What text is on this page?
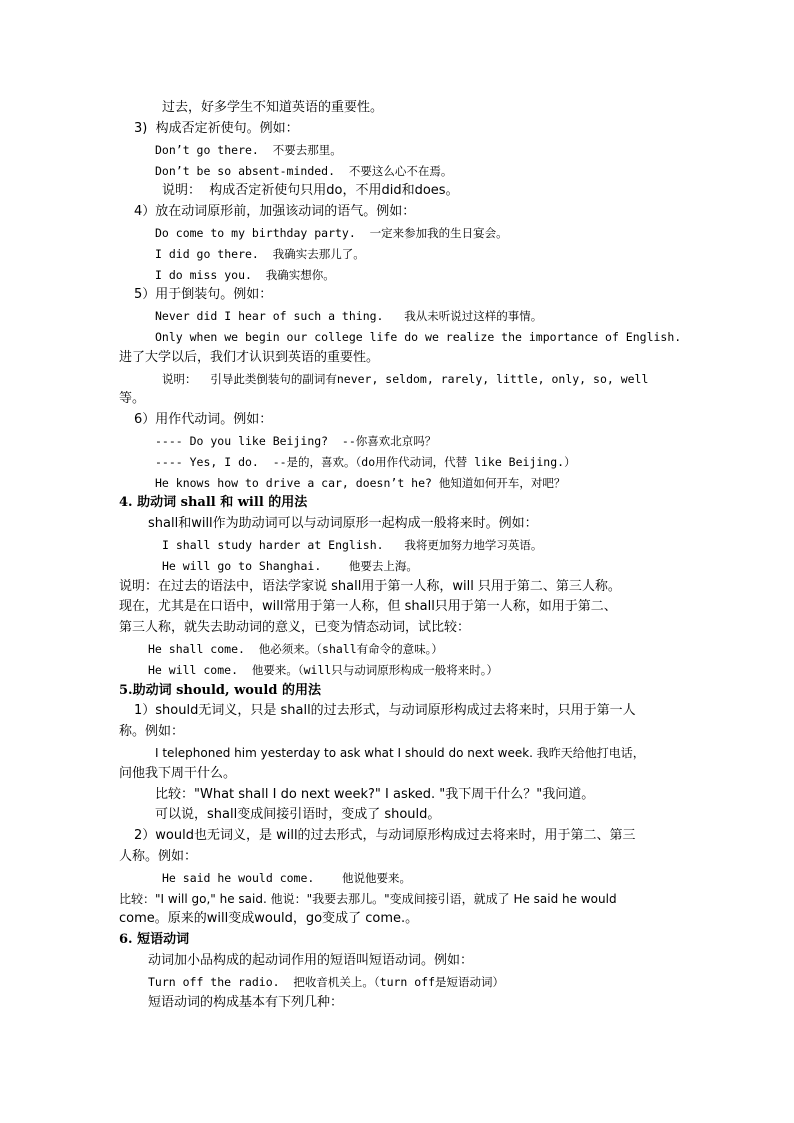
过去，好多学生不知道英语的重要性。
3)  构成否定祈使句。例如：
Don’t go there.  不要去那里。
Don’t be so absent-minded.  不要这么心不在焉。
说明：  构成否定祈使句只用do，不用did和does。
4）放在动词原形前，加强该动词的语气。例如：
Do come to my birthday party.  一定来参加我的生日宴会。
I did go there.  我确实去那儿了。
I do miss you.  我确实想你。
5）用于倒装句。例如：
Never did I hear of such a thing.   我从未听说过这样的事情。
Only when we begin our college life do we realize the importance of English.
进了大学以后，我们才认识到英语的重要性。
说明：  引导此类倒装句的副词有never, seldom, rarely, little, only, so, well
等。
6）用作代动词。例如：
---- Do you like Beijing?  --你喜欢北京吗？
---- Yes, I do.  --是的，喜欢。（do用作代动词，代替 like Beijing.）
He knows how to drive a car, doesn’t he? 他知道如何开车，对吧？
4. 助动词 shall 和 will 的用法
shall和will作为助动词可以与动词原形一起构成一般将来时。例如：
I shall study harder at English.   我将更加努力地学习英语。
He will go to Shanghai.    他要去上海。
说明：在过去的语法中，语法学家说 shall用于第一人称，will 只用于第二、第三人称。
现在，尤其是在口语中，will常用于第一人称，但 shall只用于第一人称，如用于第二、
第三人称，就失去助动词的意义，已变为情态动词，试比较：
He shall come.  他必须来。（shall有命令的意味。）
He will come.  他要来。（will只与动词原形构成一般将来时。）
5.助动词 should, would 的用法
1）should无词义，只是 shall的过去形式，与动词原形构成过去将来时，只用于第一人
称。例如：
I telephoned him yesterday to ask what I should do next week. 我昨天给他打电话，
问他我下周干什么。
比较："What shall I do next week?" I asked. "我下周干什么？"我问道。
可以说，shall变成间接引语时，变成了 should。
2）would也无词义，是 will的过去形式，与动词原形构成过去将来时，用于第二、第三
人称。例如：
He said he would come.    他说他要来。
比较："I will go," he said. 他说："我要去那儿。"变成间接引语，就成了 He said he would
come。原来的will变成would，go变成了 come.。
6. 短语动词
动词加小品构成的起动词作用的短语叫短语动词。例如：
Turn off the radio.  把收音机关上。（turn off是短语动词）
短语动词的构成基本有下列几种：
